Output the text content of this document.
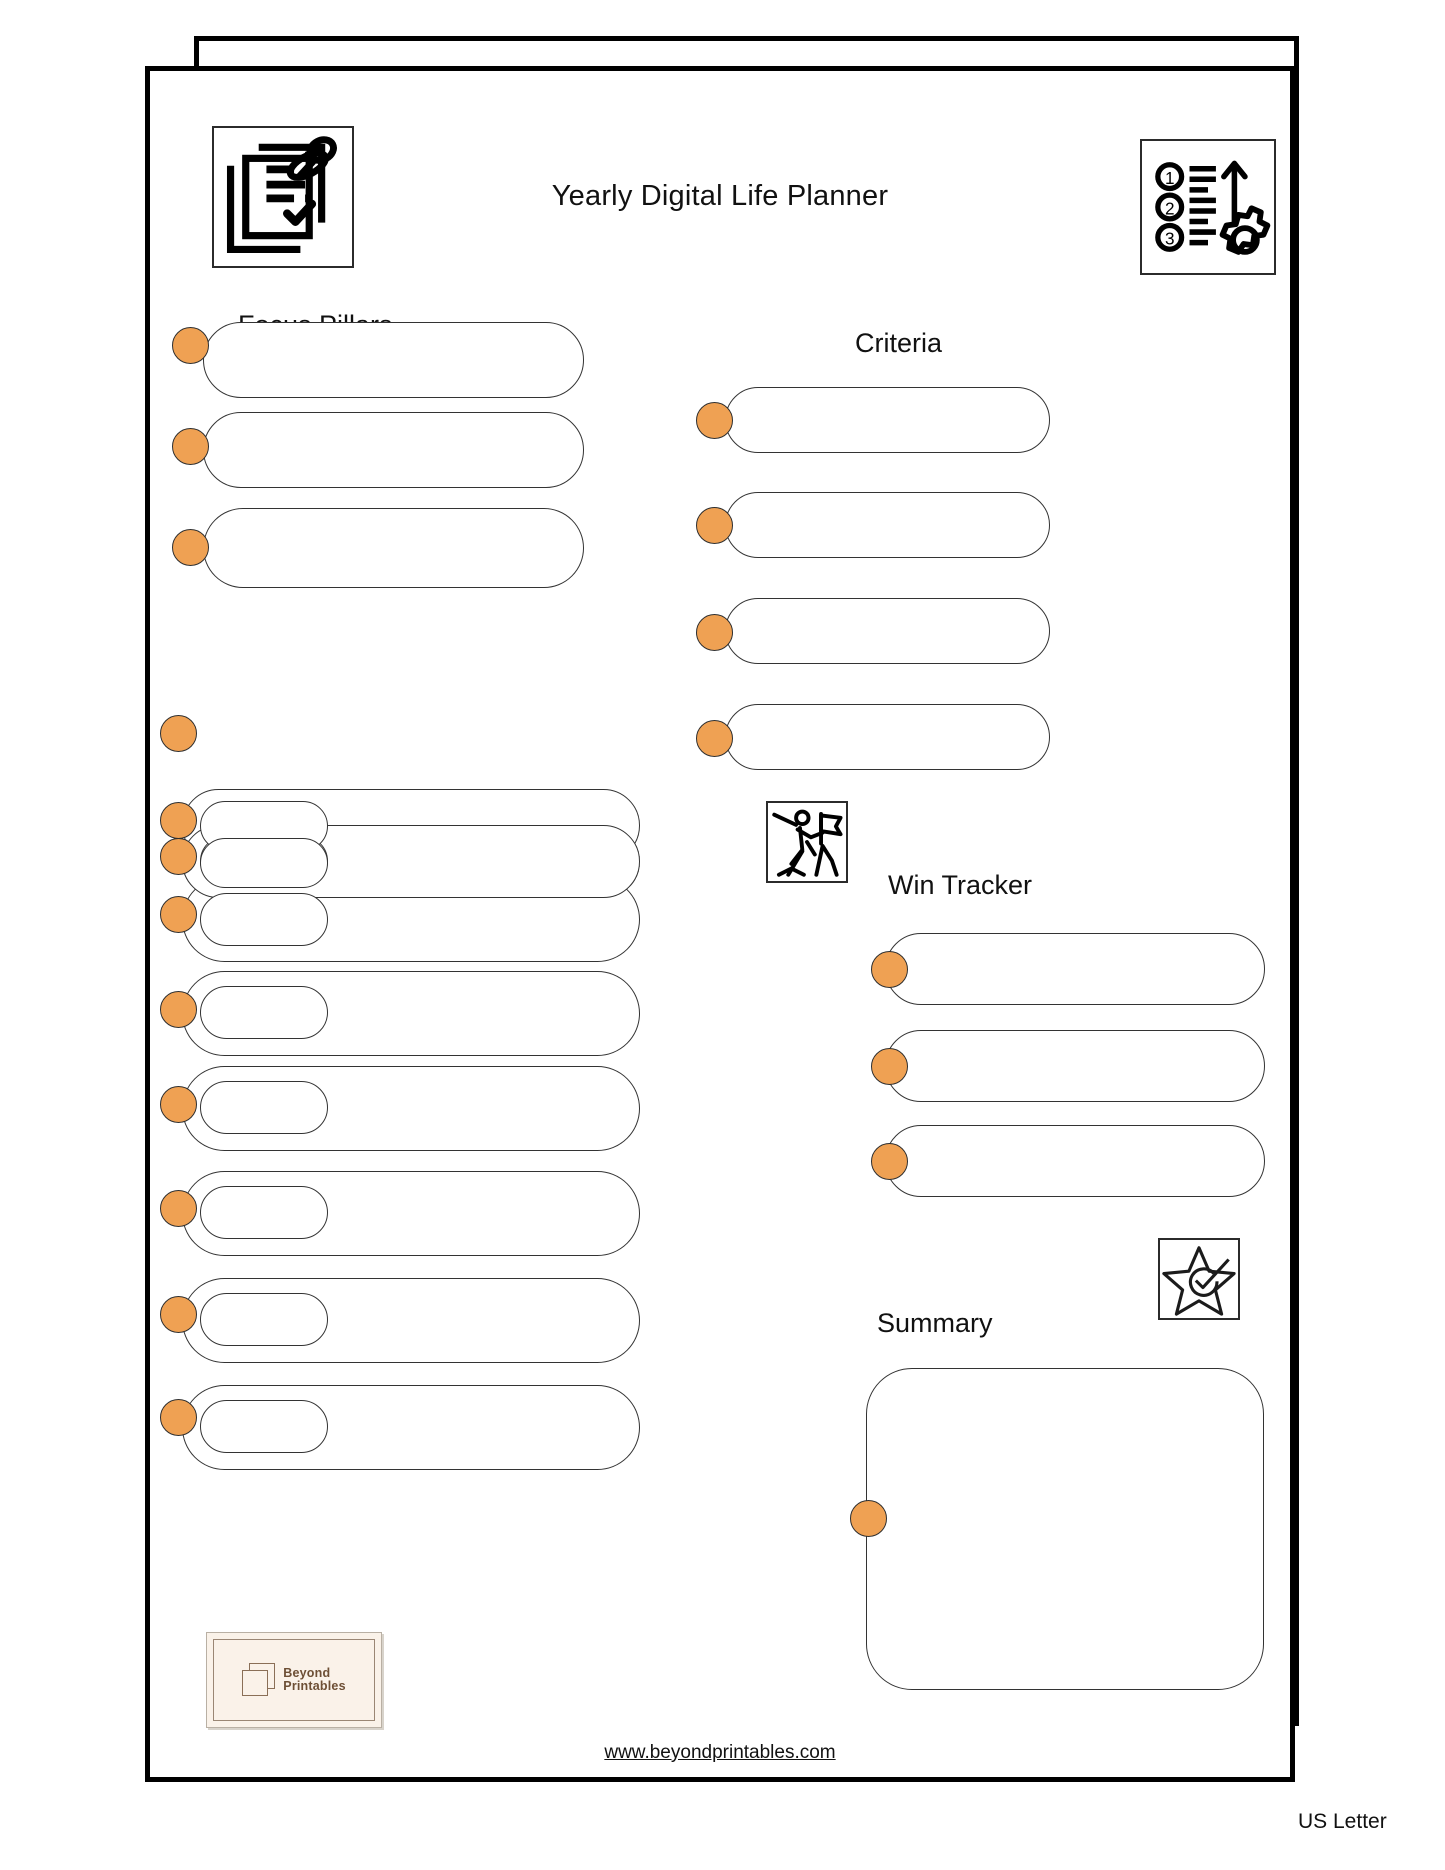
1
2
3
Yearly Digital Life Planner
Criteria
Win Tracker
Summary
Beyond
Printables
www.beyondprintables.com
US Letter
